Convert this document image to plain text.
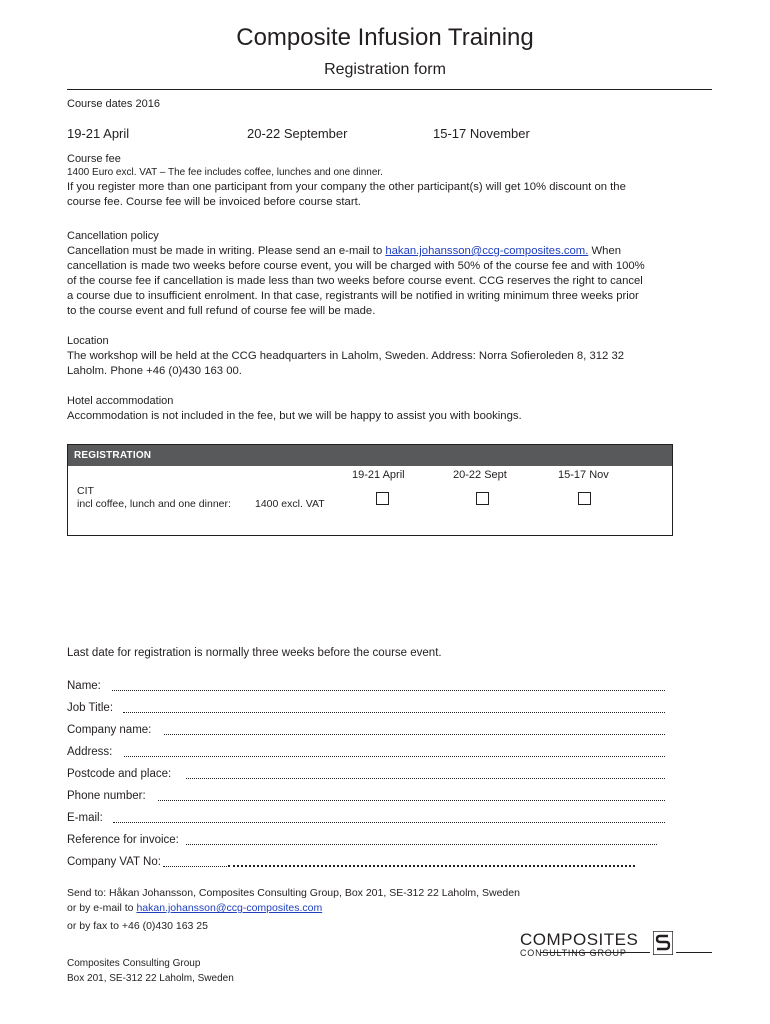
Composite Infusion Training
Registration form
Course dates 2016
19-21 April	20-22 September	15-17 November
Course fee
1400 Euro excl. VAT – The fee includes coffee, lunches and one dinner.
If you register more than one participant from your company the other participant(s) will get 10% discount on the
course fee. Course fee will be invoiced before course start.
Cancellation policy
Cancellation must be made in writing. Please send an e-mail to hakan.johansson@ccg-composites.com. When
cancellation is made two weeks before course event, you will be charged with 50% of the course fee and with 100%
of the course fee if cancellation is made less than two weeks before course event. CCG reserves the right to cancel
a course due to insufficient enrolment. In that case, registrants will be notified in writing minimum three weeks prior
to the course event and full refund of course fee will be made.
Location
The workshop will be held at the CCG headquarters in Laholm, Sweden. Address: Norra Sofieroleden 8, 312 32
Laholm. Phone +46 (0)430 163 00.
Hotel accommodation
Accommodation is not included in the fee, but we will be happy to assist you with bookings.
REGISTRATION
19-21 April	20-22 Sept	15-17 Nov
CIT
incl coffee, lunch and one dinner: 1400 excl. VAT
Last date for registration is normally three weeks before the course event.
Name:
Job Title:
Company name:
Address:
Postcode and place:
Phone number:
E-mail:
Reference for invoice:
Company VAT No:
Send to: Håkan Johansson, Composites Consulting Group, Box 201, SE-312 22 Laholm, Sweden
or by e-mail to hakan.johansson@ccg-composites.com
or by fax to +46 (0)430 163 25
COMPOSITES
CONSULTING GROUP
Composites Consulting Group
Box 201, SE-312 22 Laholm, Sweden
